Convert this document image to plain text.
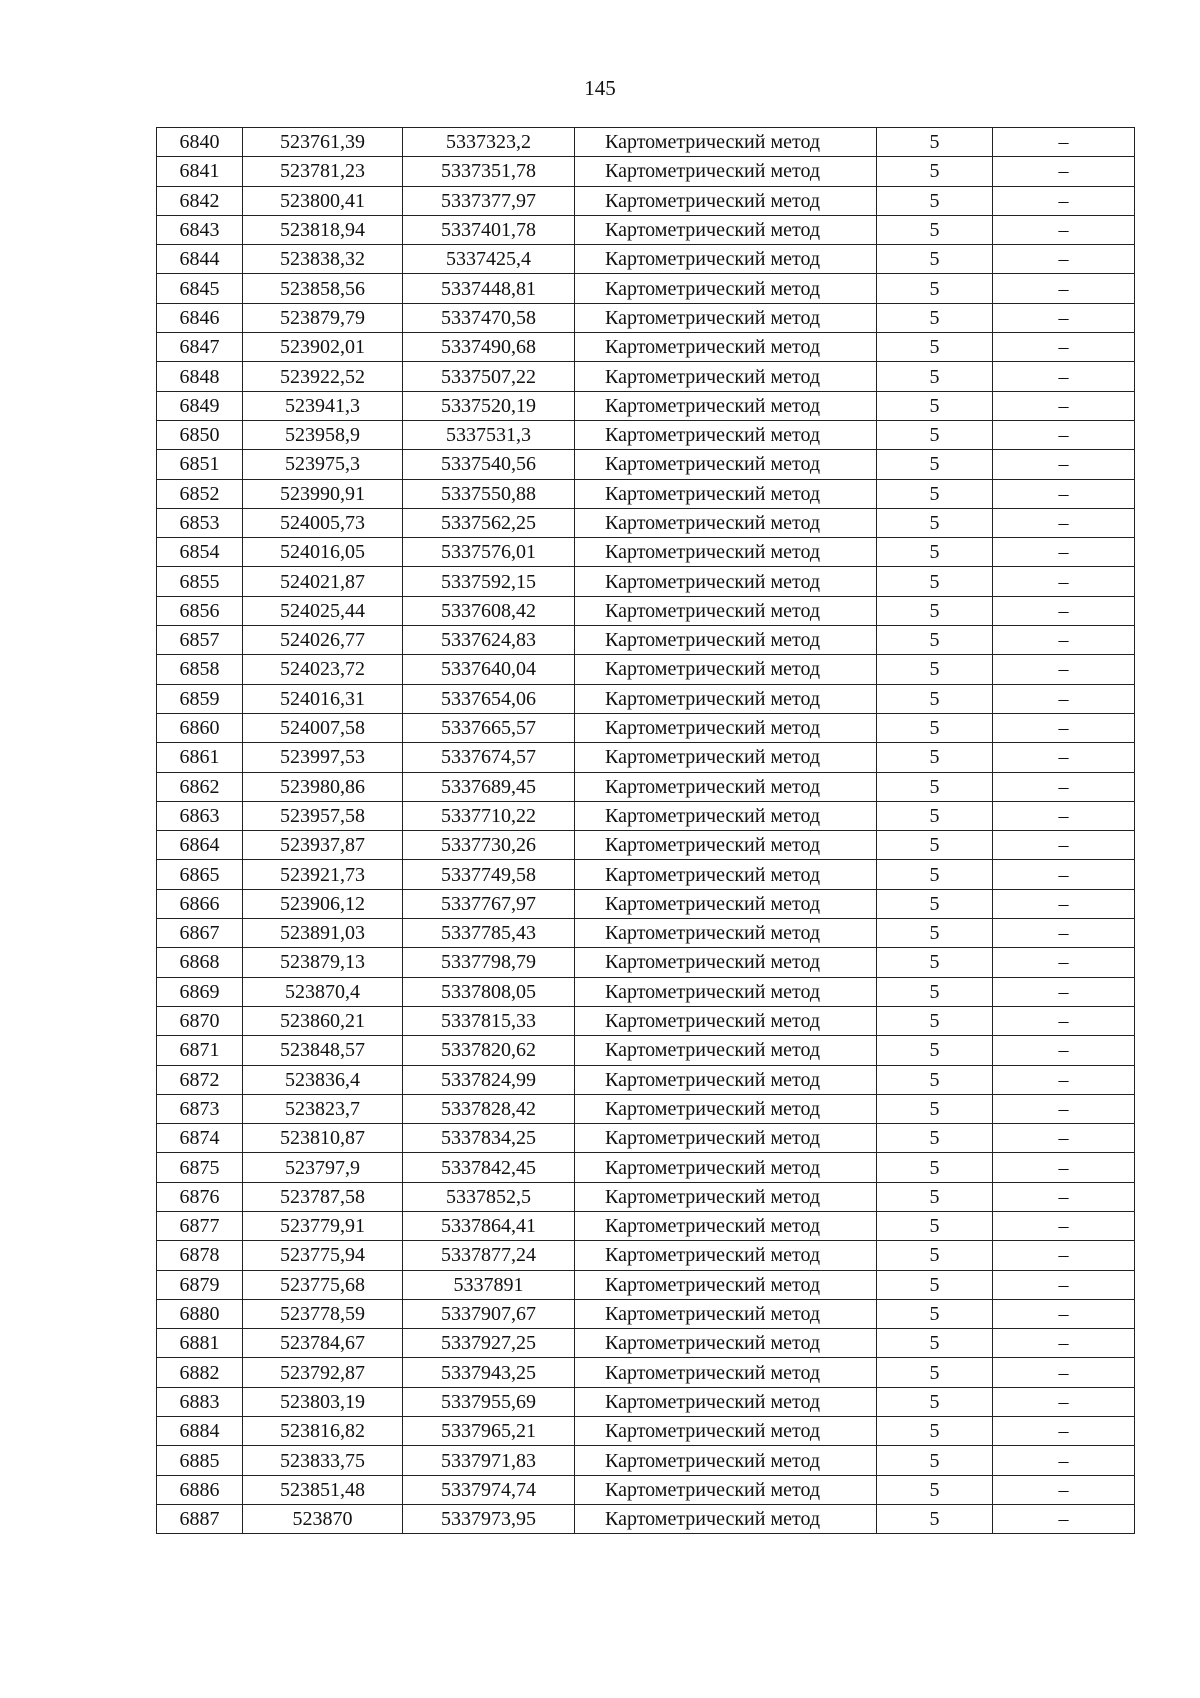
145
6840	523761,39	5337323,2	Картометрический метод	5	–
6841	523781,23	5337351,78	Картометрический метод	5	–
6842	523800,41	5337377,97	Картометрический метод	5	–
6843	523818,94	5337401,78	Картометрический метод	5	–
6844	523838,32	5337425,4	Картометрический метод	5	–
6845	523858,56	5337448,81	Картометрический метод	5	–
6846	523879,79	5337470,58	Картометрический метод	5	–
6847	523902,01	5337490,68	Картометрический метод	5	–
6848	523922,52	5337507,22	Картометрический метод	5	–
6849	523941,3	5337520,19	Картометрический метод	5	–
6850	523958,9	5337531,3	Картометрический метод	5	–
6851	523975,3	5337540,56	Картометрический метод	5	–
6852	523990,91	5337550,88	Картометрический метод	5	–
6853	524005,73	5337562,25	Картометрический метод	5	–
6854	524016,05	5337576,01	Картометрический метод	5	–
6855	524021,87	5337592,15	Картометрический метод	5	–
6856	524025,44	5337608,42	Картометрический метод	5	–
6857	524026,77	5337624,83	Картометрический метод	5	–
6858	524023,72	5337640,04	Картометрический метод	5	–
6859	524016,31	5337654,06	Картометрический метод	5	–
6860	524007,58	5337665,57	Картометрический метод	5	–
6861	523997,53	5337674,57	Картометрический метод	5	–
6862	523980,86	5337689,45	Картометрический метод	5	–
6863	523957,58	5337710,22	Картометрический метод	5	–
6864	523937,87	5337730,26	Картометрический метод	5	–
6865	523921,73	5337749,58	Картометрический метод	5	–
6866	523906,12	5337767,97	Картометрический метод	5	–
6867	523891,03	5337785,43	Картометрический метод	5	–
6868	523879,13	5337798,79	Картометрический метод	5	–
6869	523870,4	5337808,05	Картометрический метод	5	–
6870	523860,21	5337815,33	Картометрический метод	5	–
6871	523848,57	5337820,62	Картометрический метод	5	–
6872	523836,4	5337824,99	Картометрический метод	5	–
6873	523823,7	5337828,42	Картометрический метод	5	–
6874	523810,87	5337834,25	Картометрический метод	5	–
6875	523797,9	5337842,45	Картометрический метод	5	–
6876	523787,58	5337852,5	Картометрический метод	5	–
6877	523779,91	5337864,41	Картометрический метод	5	–
6878	523775,94	5337877,24	Картометрический метод	5	–
6879	523775,68	5337891	Картометрический метод	5	–
6880	523778,59	5337907,67	Картометрический метод	5	–
6881	523784,67	5337927,25	Картометрический метод	5	–
6882	523792,87	5337943,25	Картометрический метод	5	–
6883	523803,19	5337955,69	Картометрический метод	5	–
6884	523816,82	5337965,21	Картометрический метод	5	–
6885	523833,75	5337971,83	Картометрический метод	5	–
6886	523851,48	5337974,74	Картометрический метод	5	–
6887	523870	5337973,95	Картометрический метод	5	–
